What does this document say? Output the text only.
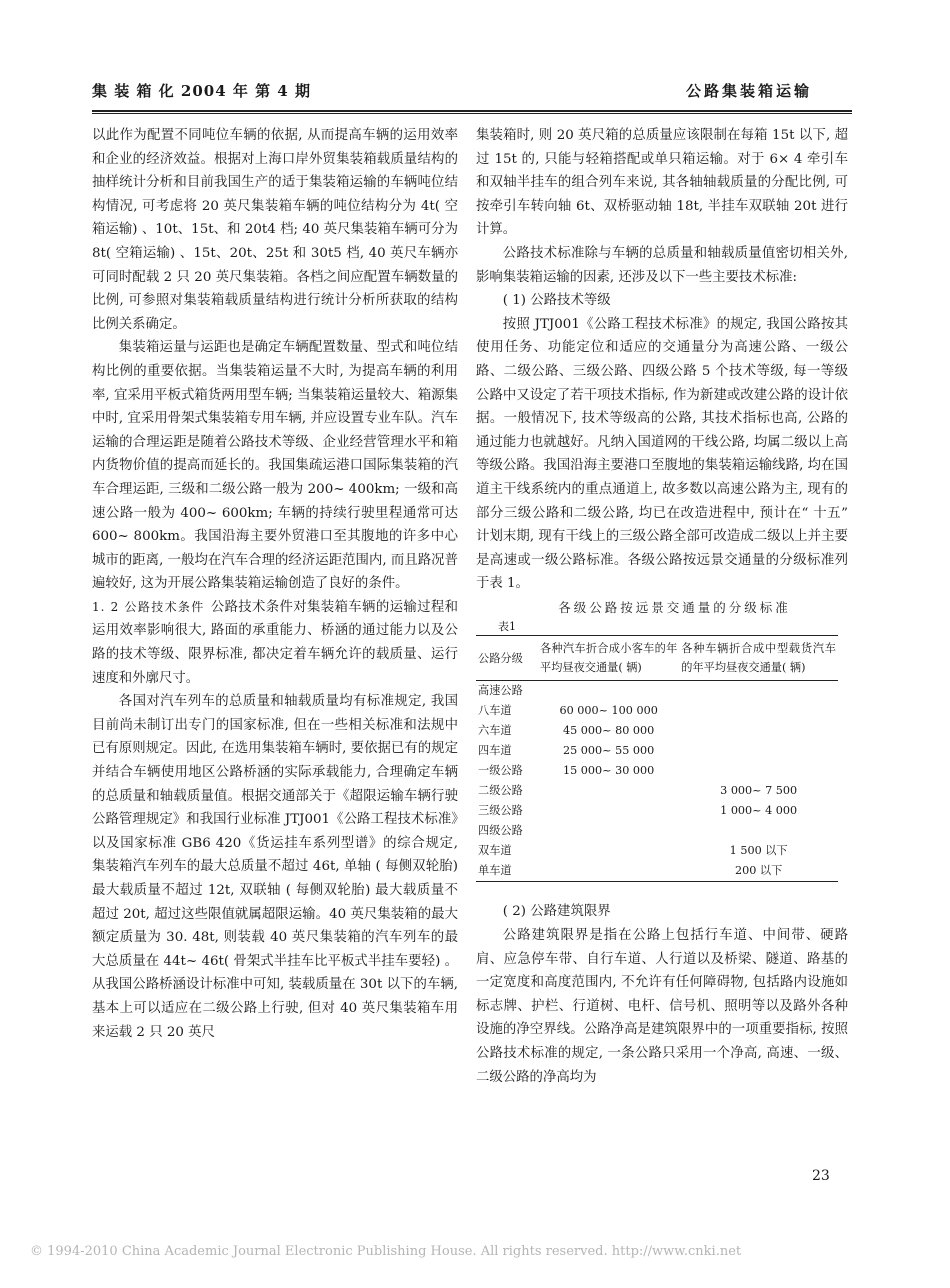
集 装 箱 化 2004 年 第 4 期	公路集装箱运输

以此作为配置不同吨位车辆的依据, 从而提高车辆的运用效率和企业的经济效益。根据对上海口岸外贸集装箱载质量结构的抽样统计分析和目前我国生产的适于集装箱运输的车辆吨位结构情况, 可考虑将 20 英尺集装箱车辆的吨位结构分为 4t( 空箱运输) 、10t、15t、和 20t4 档; 40 英尺集装箱车辆可分为 8t( 空箱运输) 、15t、20t、25t 和 30t5 档, 40 英尺车辆亦可同时配载 2 只 20 英尺集装箱。各档之间应配置车辆数量的比例, 可参照对集装箱载质量结构进行统计分析所获取的结构比例关系确定。

集装箱运量与运距也是确定车辆配置数量、型式和吨位结构比例的重要依据。当集装箱运量不大时, 为提高车辆的利用率, 宜采用平板式箱货两用型车辆; 当集装箱运量较大、箱源集中时, 宜采用骨架式集装箱专用车辆, 并应设置专业车队。汽车运输的合理运距是随着公路技术等级、企业经营管理水平和箱内货物价值的提高而延长的。我国集疏运港口国际集装箱的汽车合理运距, 三级和二级公路一般为 200~ 400km; 一级和高速公路一般为 400~ 600km; 车辆的持续行驶里程通常可达 600~ 800km。我国沿海主要外贸港口至其腹地的许多中心城市的距离, 一般均在汽车合理的经济运距范围内, 而且路况普遍较好, 这为开展公路集装箱运输创造了良好的条件。

1. 2 公路技术条件 公路技术条件对集装箱车辆的运输过程和运用效率影响很大, 路面的承重能力、桥涵的通过能力以及公路的技术等级、限界标准, 都决定着车辆允许的载质量、运行速度和外廓尺寸。

各国对汽车列车的总质量和轴载质量均有标准规定, 我国目前尚未制订出专门的国家标准, 但在一些相关标准和法规中已有原则规定。因此, 在选用集装箱车辆时, 要依据已有的规定并结合车辆使用地区公路桥涵的实际承载能力, 合理确定车辆的总质量和轴载质量值。根据交通部关于《超限运输车辆行驶公路管理规定》和我国行业标准 JTJ001《公路工程技术标准》以及国家标准 GB6 420《货运挂车系列型谱》的综合规定, 集装箱汽车列车的最大总质量不超过 46t, 单轴 ( 每侧双轮胎) 最大载质量不超过 12t, 双联轴 ( 每侧双轮胎) 最大载质量不超过 20t, 超过这些限值就属超限运输。40 英尺集装箱的最大额定质量为 30. 48t, 则装载 40 英尺集装箱的汽车列车的最大总质量在 44t~ 46t( 骨架式半挂车比平板式半挂车要轻) 。从我国公路桥涵设计标准中可知, 装载质量在 30t 以下的车辆, 基本上可以适应在二级公路上行驶, 但对 40 英尺集装箱车用来运载 2 只 20 英尺

集装箱时, 则 20 英尺箱的总质量应该限制在每箱 15t 以下, 超过 15t 的, 只能与轻箱搭配或单只箱运输。对于 6× 4 牵引车和双轴半挂车的组合列车来说, 其各轴轴载质量的分配比例, 可按牵引车转向轴 6t、双桥驱动轴 18t, 半挂车双联轴 20t 进行计算。

公路技术标准除与车辆的总质量和轴载质量值密切相关外, 影响集装箱运输的因素, 还涉及以下一些主要技术标准:

( 1) 公路技术等级

按照 JTJ001《公路工程技术标准》的规定, 我国公路按其使用任务、功能定位和适应的交通量分为高速公路、一级公路、二级公路、三级公路、四级公路 5 个技术等级, 每一等级公路中又设定了若干项技术指标, 作为新建或改建公路的设计依据。一般情况下, 技术等级高的公路, 其技术指标也高, 公路的通过能力也就越好。凡纳入国道网的干线公路, 均属二级以上高等级公路。我国沿海主要港口至腹地的集装箱运输线路, 均在国道主干线系统内的重点通道上, 故多数以高速公路为主, 现有的部分三级公路和二级公路, 均已在改造进程中, 预计在“ 十五” 计划末期, 现有干线上的三级公路全部可改造成二级以上并主要是高速或一级公路标准。各级公路按远景交通量的分级标准列于表 1。

各级公路按远景交通量的分级标准

表1

公路分级	各种汽车折合成小客车的年平均昼夜交通量( 辆)	各种车辆折合成中型载货汽车的年平均昼夜交通量( 辆)
高速公路		
八车道	60 000~ 100 000	
六车道	45 000~ 80 000	
四车道	25 000~ 55 000	
一级公路	15 000~ 30 000	
二级公路		3 000~ 7 500
三级公路		1 000~ 4 000
四级公路		
双车道		1 500 以下
单车道		200 以下

( 2) 公路建筑限界

公路建筑限界是指在公路上包括行车道、中间带、硬路肩、应急停车带、自行车道、人行道以及桥梁、隧道、路基的一定宽度和高度范围内, 不允许有任何障碍物, 包括路内设施如标志牌、护栏、行道树、电杆、信号机、照明等以及路外各种设施的净空界线。公路净高是建筑限界中的一项重要指标, 按照公路技术标准的规定, 一条公路只采用一个净高, 高速、一级、二级公路的净高均为

23
© 1994-2010 China Academic Journal Electronic Publishing House. All rights reserved. http://www.cnki.net
